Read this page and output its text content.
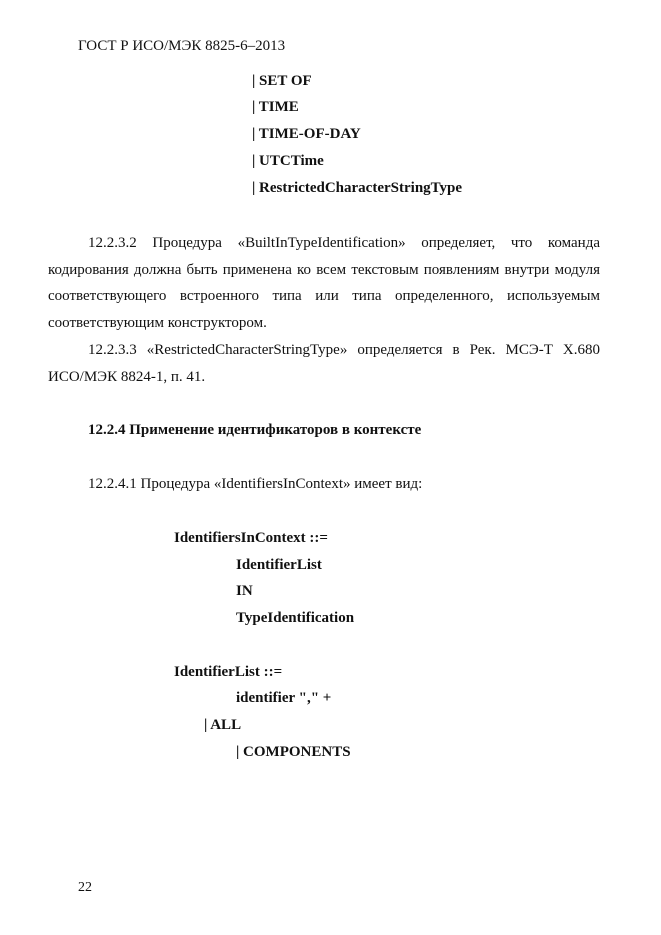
ГОСТ Р ИСО/МЭК 8825-6–2013
| SET OF
| TIME
| TIME-OF-DAY
| UTCTime
| RestrictedCharacterStringType
12.2.3.2 Процедура «BuiltInTypeIdentification» определяет, что команда кодирования должна быть применена ко всем текстовым появлениям внутри модуля соответствующего встроенного типа или типа определенного, используемым соответствующим конструктором.
12.2.3.3 «RestrictedCharacterStringType» определяется в Рек. МСЭ-Т Х.680 ИСО/МЭК 8824-1, п. 41.
12.2.4 Применение идентификаторов в контексте
12.2.4.1 Процедура «IdentifiersInContext» имеет вид:
IdentifiersInContext ::=
IdentifierList
IN
TypeIdentification
IdentifierList ::=
identifier "," +
| ALL
| COMPONENTS
22
